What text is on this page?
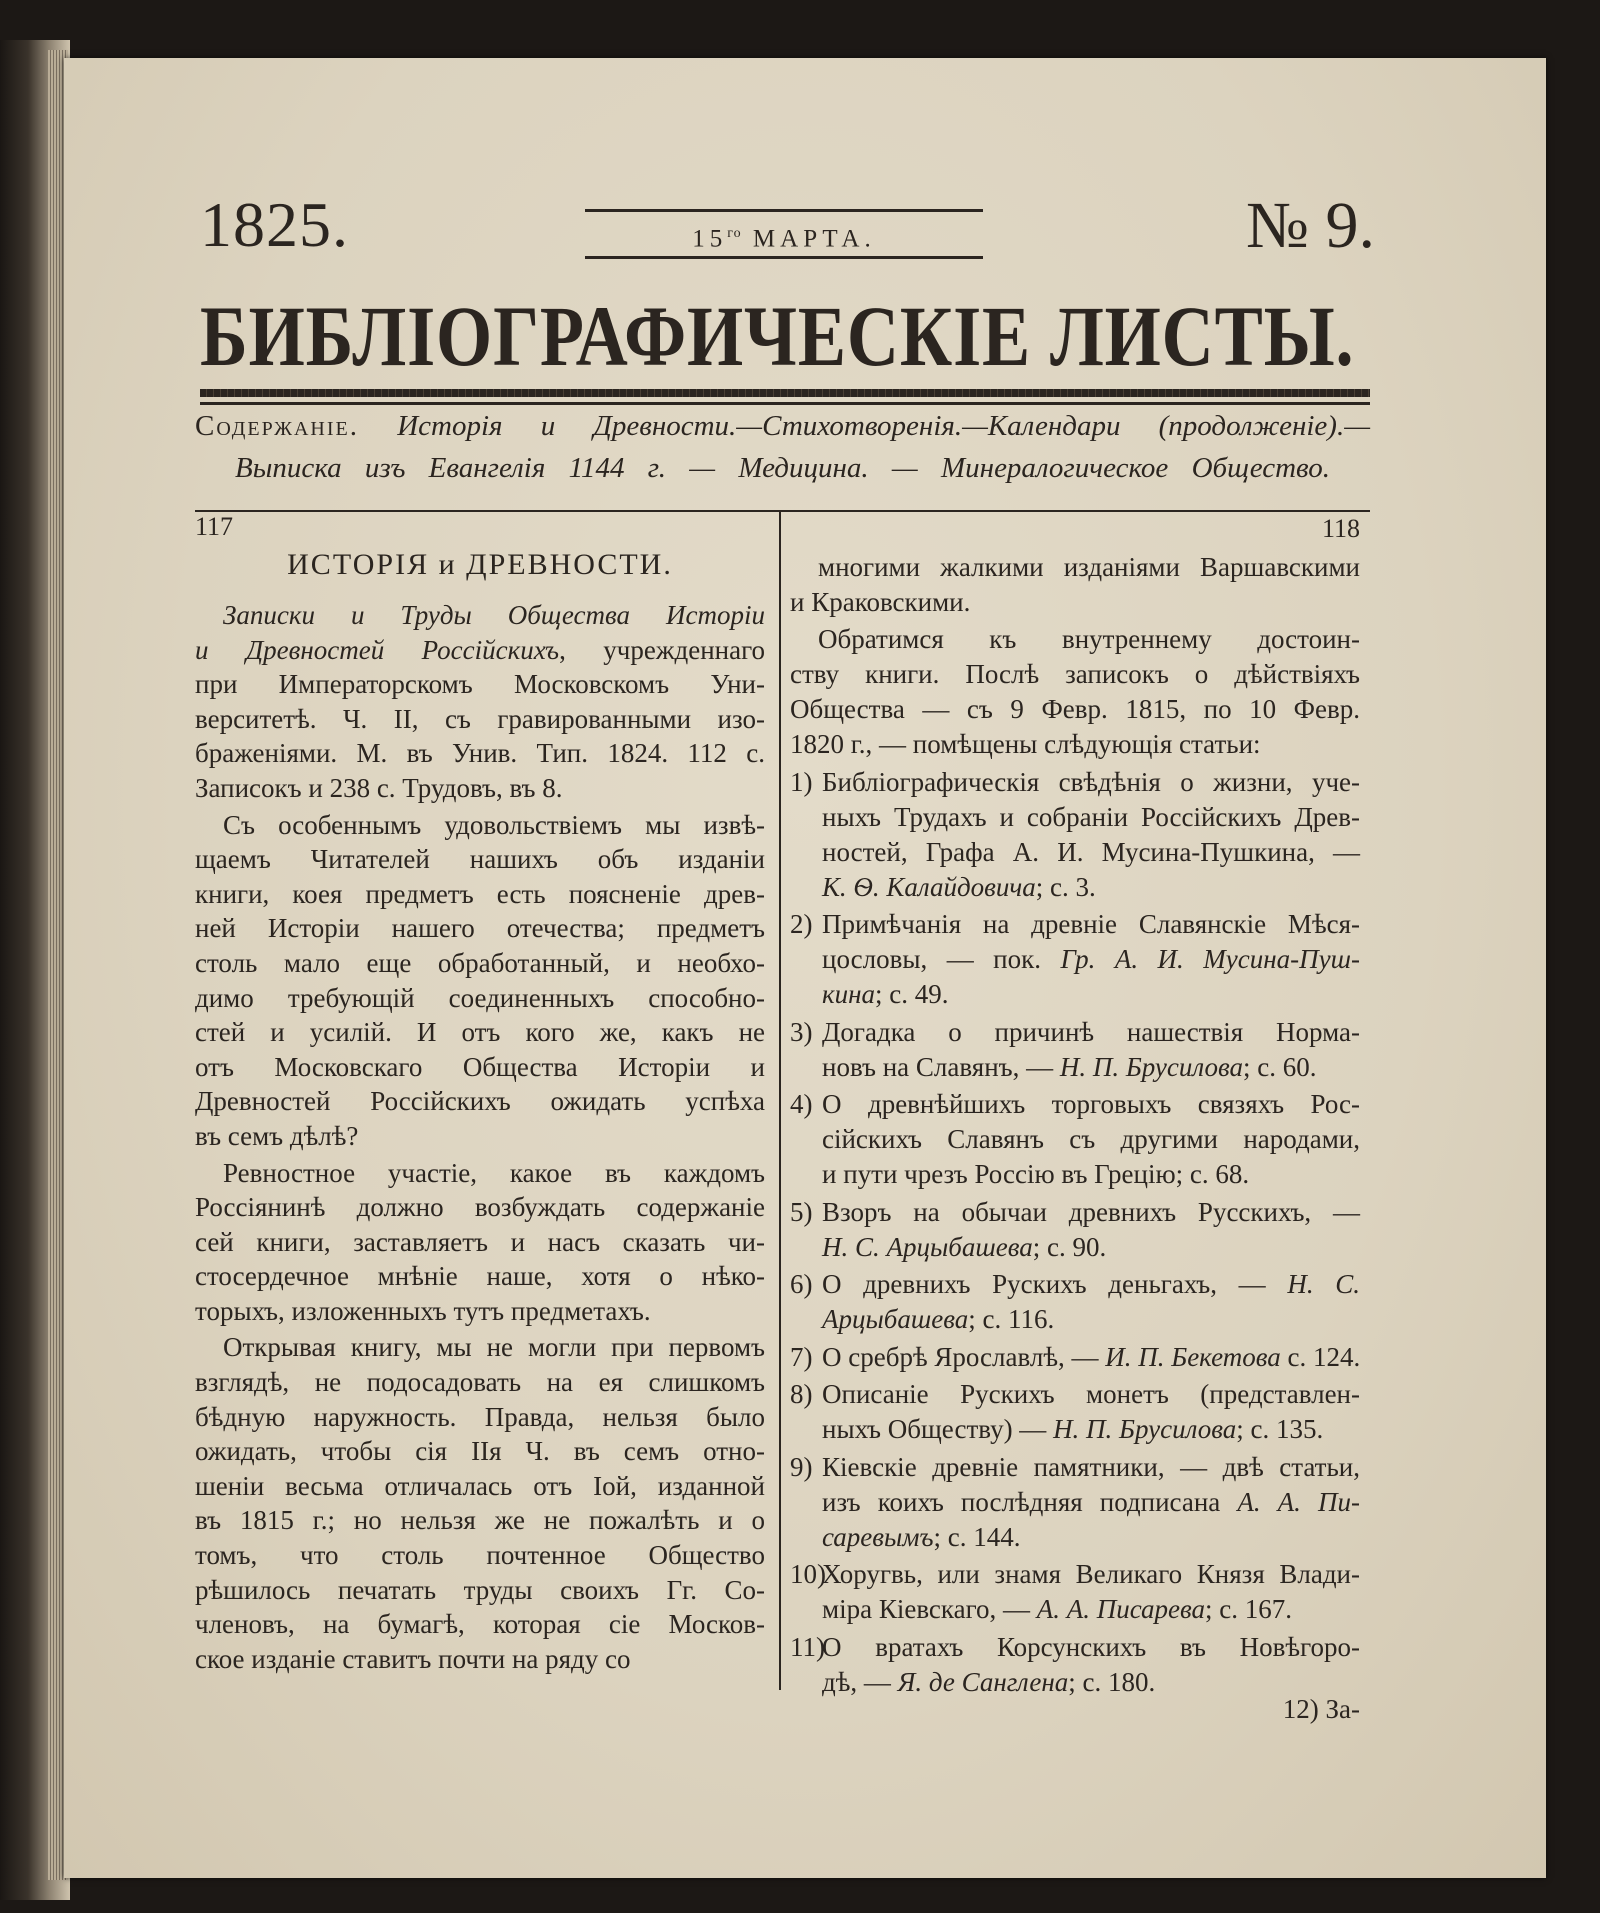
1825.	$15^{го}$ МАРТА.	№ 9.
БИБЛІОГРАФИЧЕСКІЕ ЛИСТЫ.
Содержаніе. Исторія и Древности.—Стихотворенія.—Календари (продолженіе).—
Выписка изъ Евангелія 1144 г. — Медицина. — Минералогическое Общество.
117
ИСТОРІЯ и ДРЕВНОСТИ.
Записки и Труды Общества Исторіи
и Древностей Россійскихъ, учрежденнаго
при Императорскомъ Московскомъ Уни-
верситетѣ. Ч. II, съ гравированными изо-
браженіями. М. въ Унив. Тип. 1824. 112 с.
Записокъ и 238 с. Трудовъ, въ 8.
Съ особеннымъ удовольствіемъ мы извѣ-
щаемъ Читателей нашихъ объ изданіи
книги, коея предметъ есть поясненіе древ-
ней Исторіи нашего отечества; предметъ
столь мало еще обработанный, и необхо-
димо требующій соединенныхъ способно-
стей и усилій. И отъ кого же, какъ не
отъ Московскаго Общества Исторіи и
Древностей Россійскихъ ожидать успѣха
въ семъ дѣлѣ?
Ревностное участіе, какое въ каждомъ
Россіянинѣ должно возбуждать содержаніе
сей книги, заставляетъ и насъ сказать чи-
стосердечное мнѣніе наше, хотя о нѣко-
торыхъ, изложенныхъ тутъ предметахъ.
Открывая книгу, мы не могли при первомъ
взглядѣ, не подосадовать на ея слишкомъ
бѣдную наружность. Правда, нельзя было
ожидать, чтобы сія IIя Ч. въ семъ отно-
шеніи весьма отличалась отъ Iой, изданной
въ 1815 г.; но нельзя же не пожалѣть и о
томъ, что столь почтенное Общество
рѣшилось печатать труды своихъ Гг. Со-
членовъ, на бумагѣ, которая сіе Москов-
ское изданіе ставитъ почти на ряду со
118
многими жалкими изданіями Варшавскими
и Краковскими.
Обратимся къ внутреннему достоин-
ству книги. Послѣ записокъ о дѣйствіяхъ
Общества — съ 9 Февр. 1815, по 10 Февр.
1820 г., — помѣщены слѣдующія статьи:
1) Библіографическія свѣдѣнія о жизни, уче-
ныхъ Трудахъ и собраніи Россійскихъ Древ-
ностей, Графа А. И. Мусина-Пушкина, —
К. Ѳ. Калайдовича; с. 3.
2) Примѣчанія на древніе Славянскіе Мѣся-
цословы, — пок. Гр. А. И. Мусина-Пуш-
кина; с. 49.
3) Догадка о причинѣ нашествія Норма-
новъ на Славянъ, — Н. П. Брусилова; с. 60.
4) О древнѣйшихъ торговыхъ связяхъ Рос-
сійскихъ Славянъ съ другими народами,
и пути чрезъ Россію въ Грецію; с. 68.
5) Взоръ на обычаи древнихъ Русскихъ, —
Н. С. Арцыбашева; с. 90.
6) О древнихъ Рускихъ деньгахъ, — Н. С.
Арцыбашева; с. 116.
7) О сребрѣ Ярославлѣ, — И. П. Бекетова с. 124.
8) Описаніе Рускихъ монетъ (представлен-
ныхъ Обществу) — Н. П. Брусилова; с. 135.
9) Кіевскіе древніе памятники, — двѣ статьи,
изъ коихъ послѣдняя подписана А. А. Пи-
саревымъ; с. 144.
10)
Хоругвь, или знамя Великаго Князя Влади-
міра Кіевскаго, — А. А. Писарева; с. 167.
11)
О вратахъ Корсунскихъ въ Новѣгоро-
дѣ, — Я. де Санглена; с. 180.
12) За-
